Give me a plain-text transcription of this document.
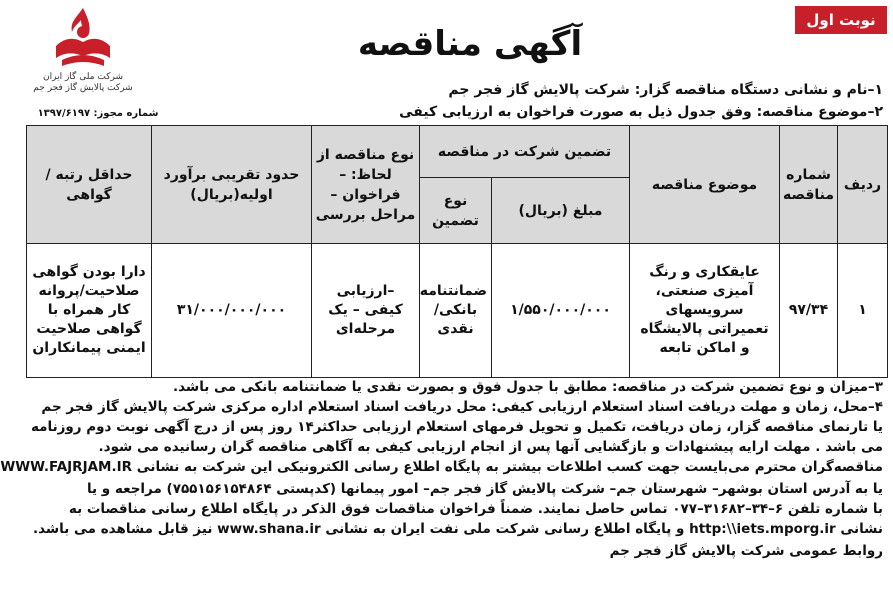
نوبت اول
آگهی مناقصه
شرکت ملی گاز ایران
شرکت پالایش گاز فجر جم
شماره مجوز: ۱۳۹۷/۶۱۹۷
۱–نام و نشانی دستگاه مناقصه گزار: شرکت پالایش گاز فجر جم
۲–موضوع مناقصه: وفق جدول ذیل به صورت فراخوان به ارزیابی کیفی
ردیف	شماره مناقصه	موضوع مناقصه	تضمین شرکت در مناقصه		نوع مناقصه از لحاظ: –فراخوان –مراحل بررسی	حدود تقریبی برآورد اولیه(بریال)	حداقل رتبه / گواهی
			مبلغ (بریال)	نوع تضمین			
۱	۹۷/۳۴	عایقکاری و رنگ آمیزی صنعتی، سرویسهای تعمیراتی پالایشگاه و اماکن تابعه	۱/۵۵۰/۰۰۰/۰۰۰	ضمانتنامه بانکی/ نقدی	–ارزیابی کیفی – یک مرحله‌ای	۳۱/۰۰۰/۰۰۰/۰۰۰	دارا بودن گواهی صلاحیت/پروانه کار همراه با گواهی صلاحیت ایمنی پیمانکاران
۳–میزان و نوع تضمین شرکت در مناقصه: مطابق با جدول فوق و بصورت نقدی یا ضمانتنامه بانکی می باشد.
۴–محل، زمان و مهلت دریافت اسناد استعلام ارزیابی کیفی: محل دریافت اسناد استعلام اداره مرکزی شرکت پالایش گاز فجر جم
یا تارنمای مناقصه گزار، زمان دریافت، تکمیل و تحویل فرمهای استعلام ارزیابی حداکثر۱۴ روز پس از درج آگهی نوبت دوم روزنامه
می باشد . مهلت ارایه پیشنهادات و بازگشایی آنها پس از انجام ارزیابی کیفی به آگاهی مناقصه گران رسانیده می شود.
مناقصه‌گران محترم می‌بایست جهت کسب اطلاعات بیشتر به پایگاه اطلاع رسانی الکترونیکی این شرکت به نشانی WWW.FAJRJAM.IR
یا به آدرس استان بوشهر– شهرستان جم– شرکت پالایش گاز فجر جم– امور پیمانها (کدپستی ۷۵۵۱۵۶۱۵۴۸۶۴) مراجعه و یا
با شماره تلفن ۶–۳۴–۳۱۶۸۲–۰۷۷ تماس حاصل نمایند. ضمناً فراخوان مناقصات فوق الذکر در پایگاه اطلاع رسانی مناقصات به
نشانی http:\\iets.mporg.ir و پایگاه اطلاع رسانی شرکت ملی نفت ایران به نشانی www.shana.ir نیز قابل مشاهده می باشد.
روابط عمومی شرکت پالایش گاز فجر جم
